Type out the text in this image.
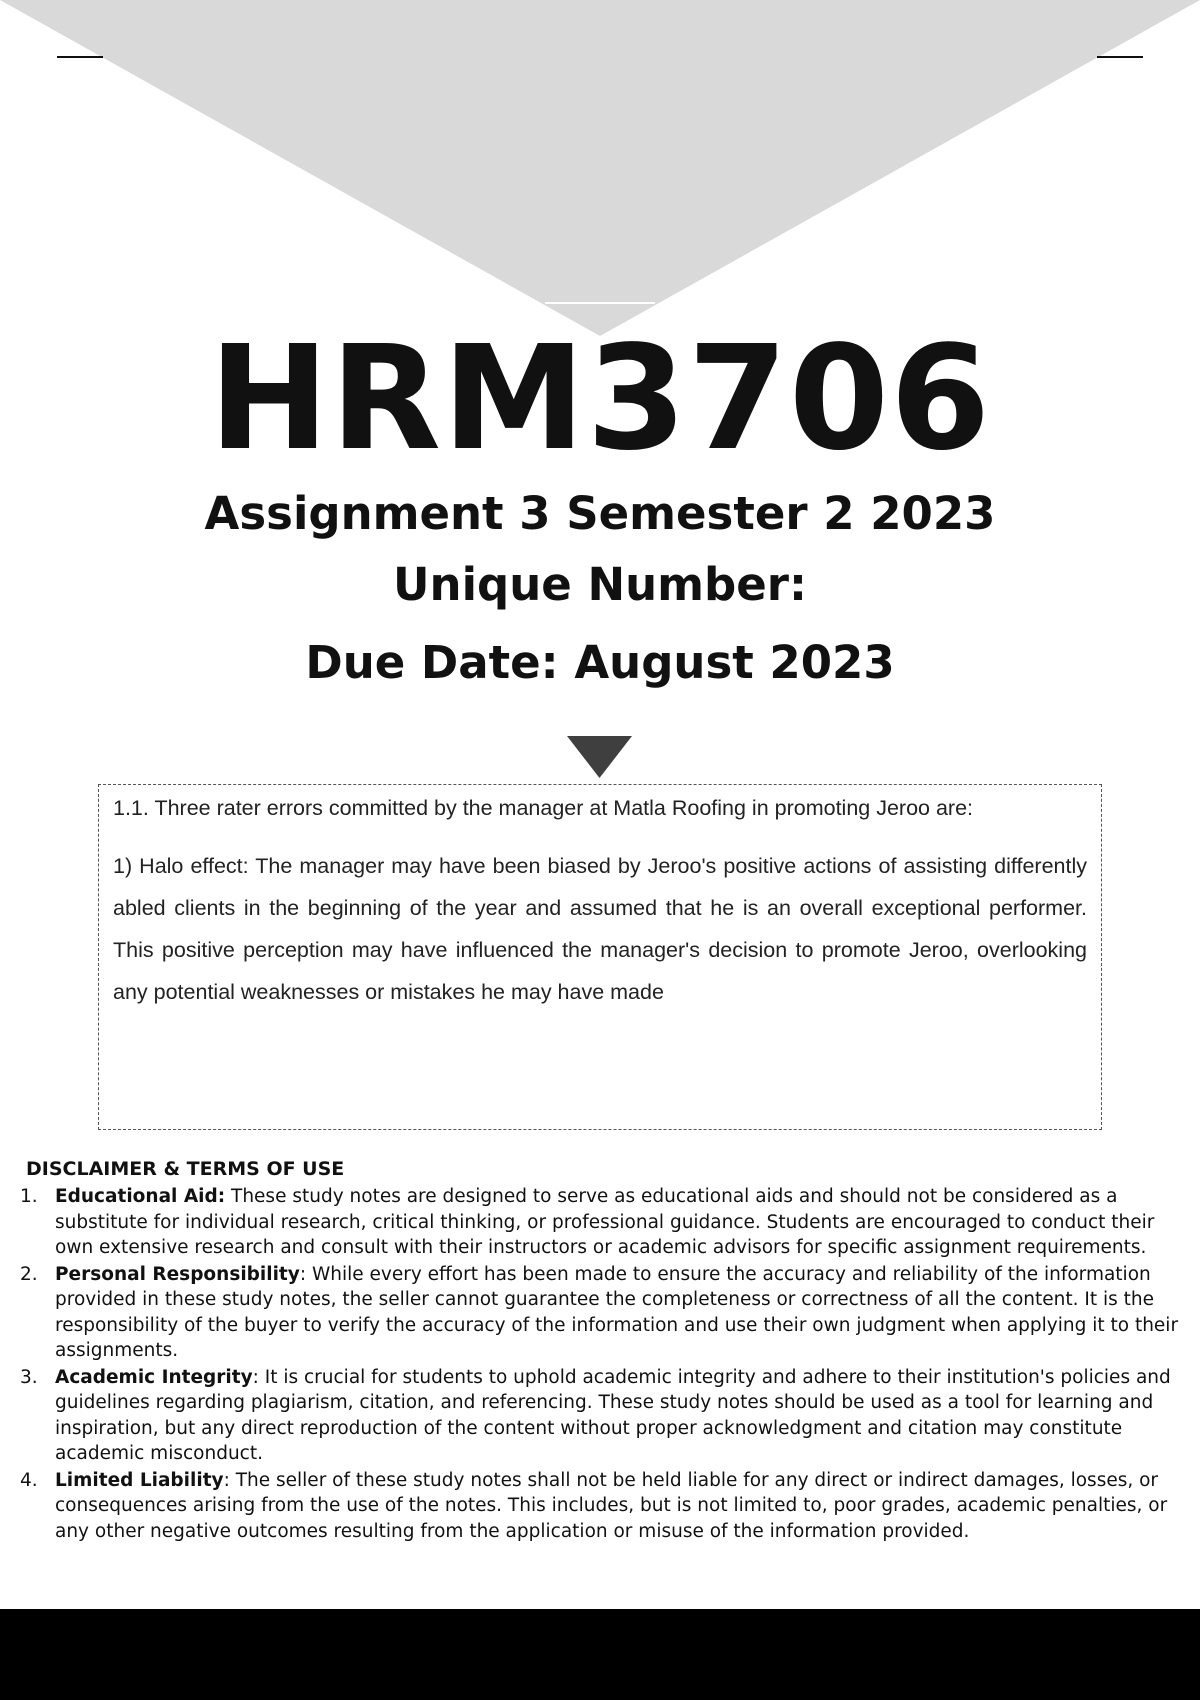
HRM3706
Assignment 3 Semester 2 2023
Unique Number:
Due Date: August 2023

1.1. Three rater errors committed by the manager at Matla Roofing in promoting Jeroo are:

1) Halo effect: The manager may have been biased by Jeroo's positive actions of assisting differently abled clients in the beginning of the year and assumed that he is an overall exceptional performer. This positive perception may have influenced the manager's decision to promote Jeroo, overlooking any potential weaknesses or mistakes he may have made

DISCLAIMER & TERMS OF USE
1. Educational Aid: These study notes are designed to serve as educational aids and should not be considered as a substitute for individual research, critical thinking, or professional guidance. Students are encouraged to conduct their own extensive research and consult with their instructors or academic advisors for specific assignment requirements.
2. Personal Responsibility: While every effort has been made to ensure the accuracy and reliability of the information provided in these study notes, the seller cannot guarantee the completeness or correctness of all the content. It is the responsibility of the buyer to verify the accuracy of the information and use their own judgment when applying it to their assignments.
3. Academic Integrity: It is crucial for students to uphold academic integrity and adhere to their institution's policies and guidelines regarding plagiarism, citation, and referencing. These study notes should be used as a tool for learning and inspiration, but any direct reproduction of the content without proper acknowledgment and citation may constitute academic misconduct.
4. Limited Liability: The seller of these study notes shall not be held liable for any direct or indirect damages, losses, or consequences arising from the use of the notes. This includes, but is not limited to, poor grades, academic penalties, or any other negative outcomes resulting from the application or misuse of the information provided.
